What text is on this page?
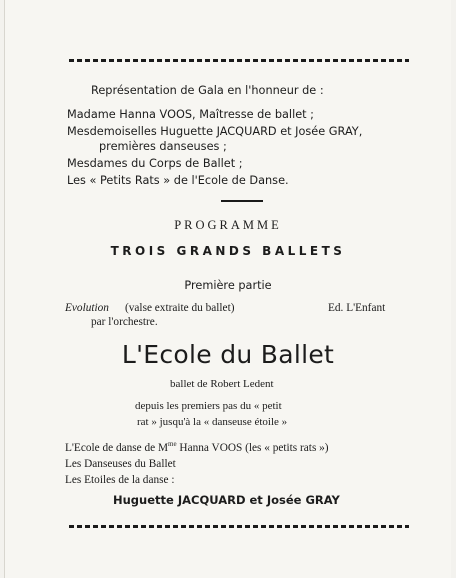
Représentation de Gala en l'honneur de :
Madame Hanna VOOS, Maîtresse de ballet ;
Mesdemoiselles Huguette JACQUARD et Josée GRAY,
premières danseuses ;
Mesdames du Corps de Ballet ;
Les « Petits Rats » de l'Ecole de Danse.
PROGRAMME
TROIS GRANDS BALLETS
Première partie
Evolution (valse extraite du ballet)	Ed. L'Enfant
par l'orchestre.
L'Ecole du Ballet
ballet de Robert Ledent
depuis les premiers pas du « petit
rat » jusqu'à la « danseuse étoile »
L'Ecole de danse de $M^{me}$ Hanna VOOS (les « petits rats »)
Les Danseuses du Ballet
Les Etoiles de la danse :
Huguette JACQUARD et Josée GRAY
